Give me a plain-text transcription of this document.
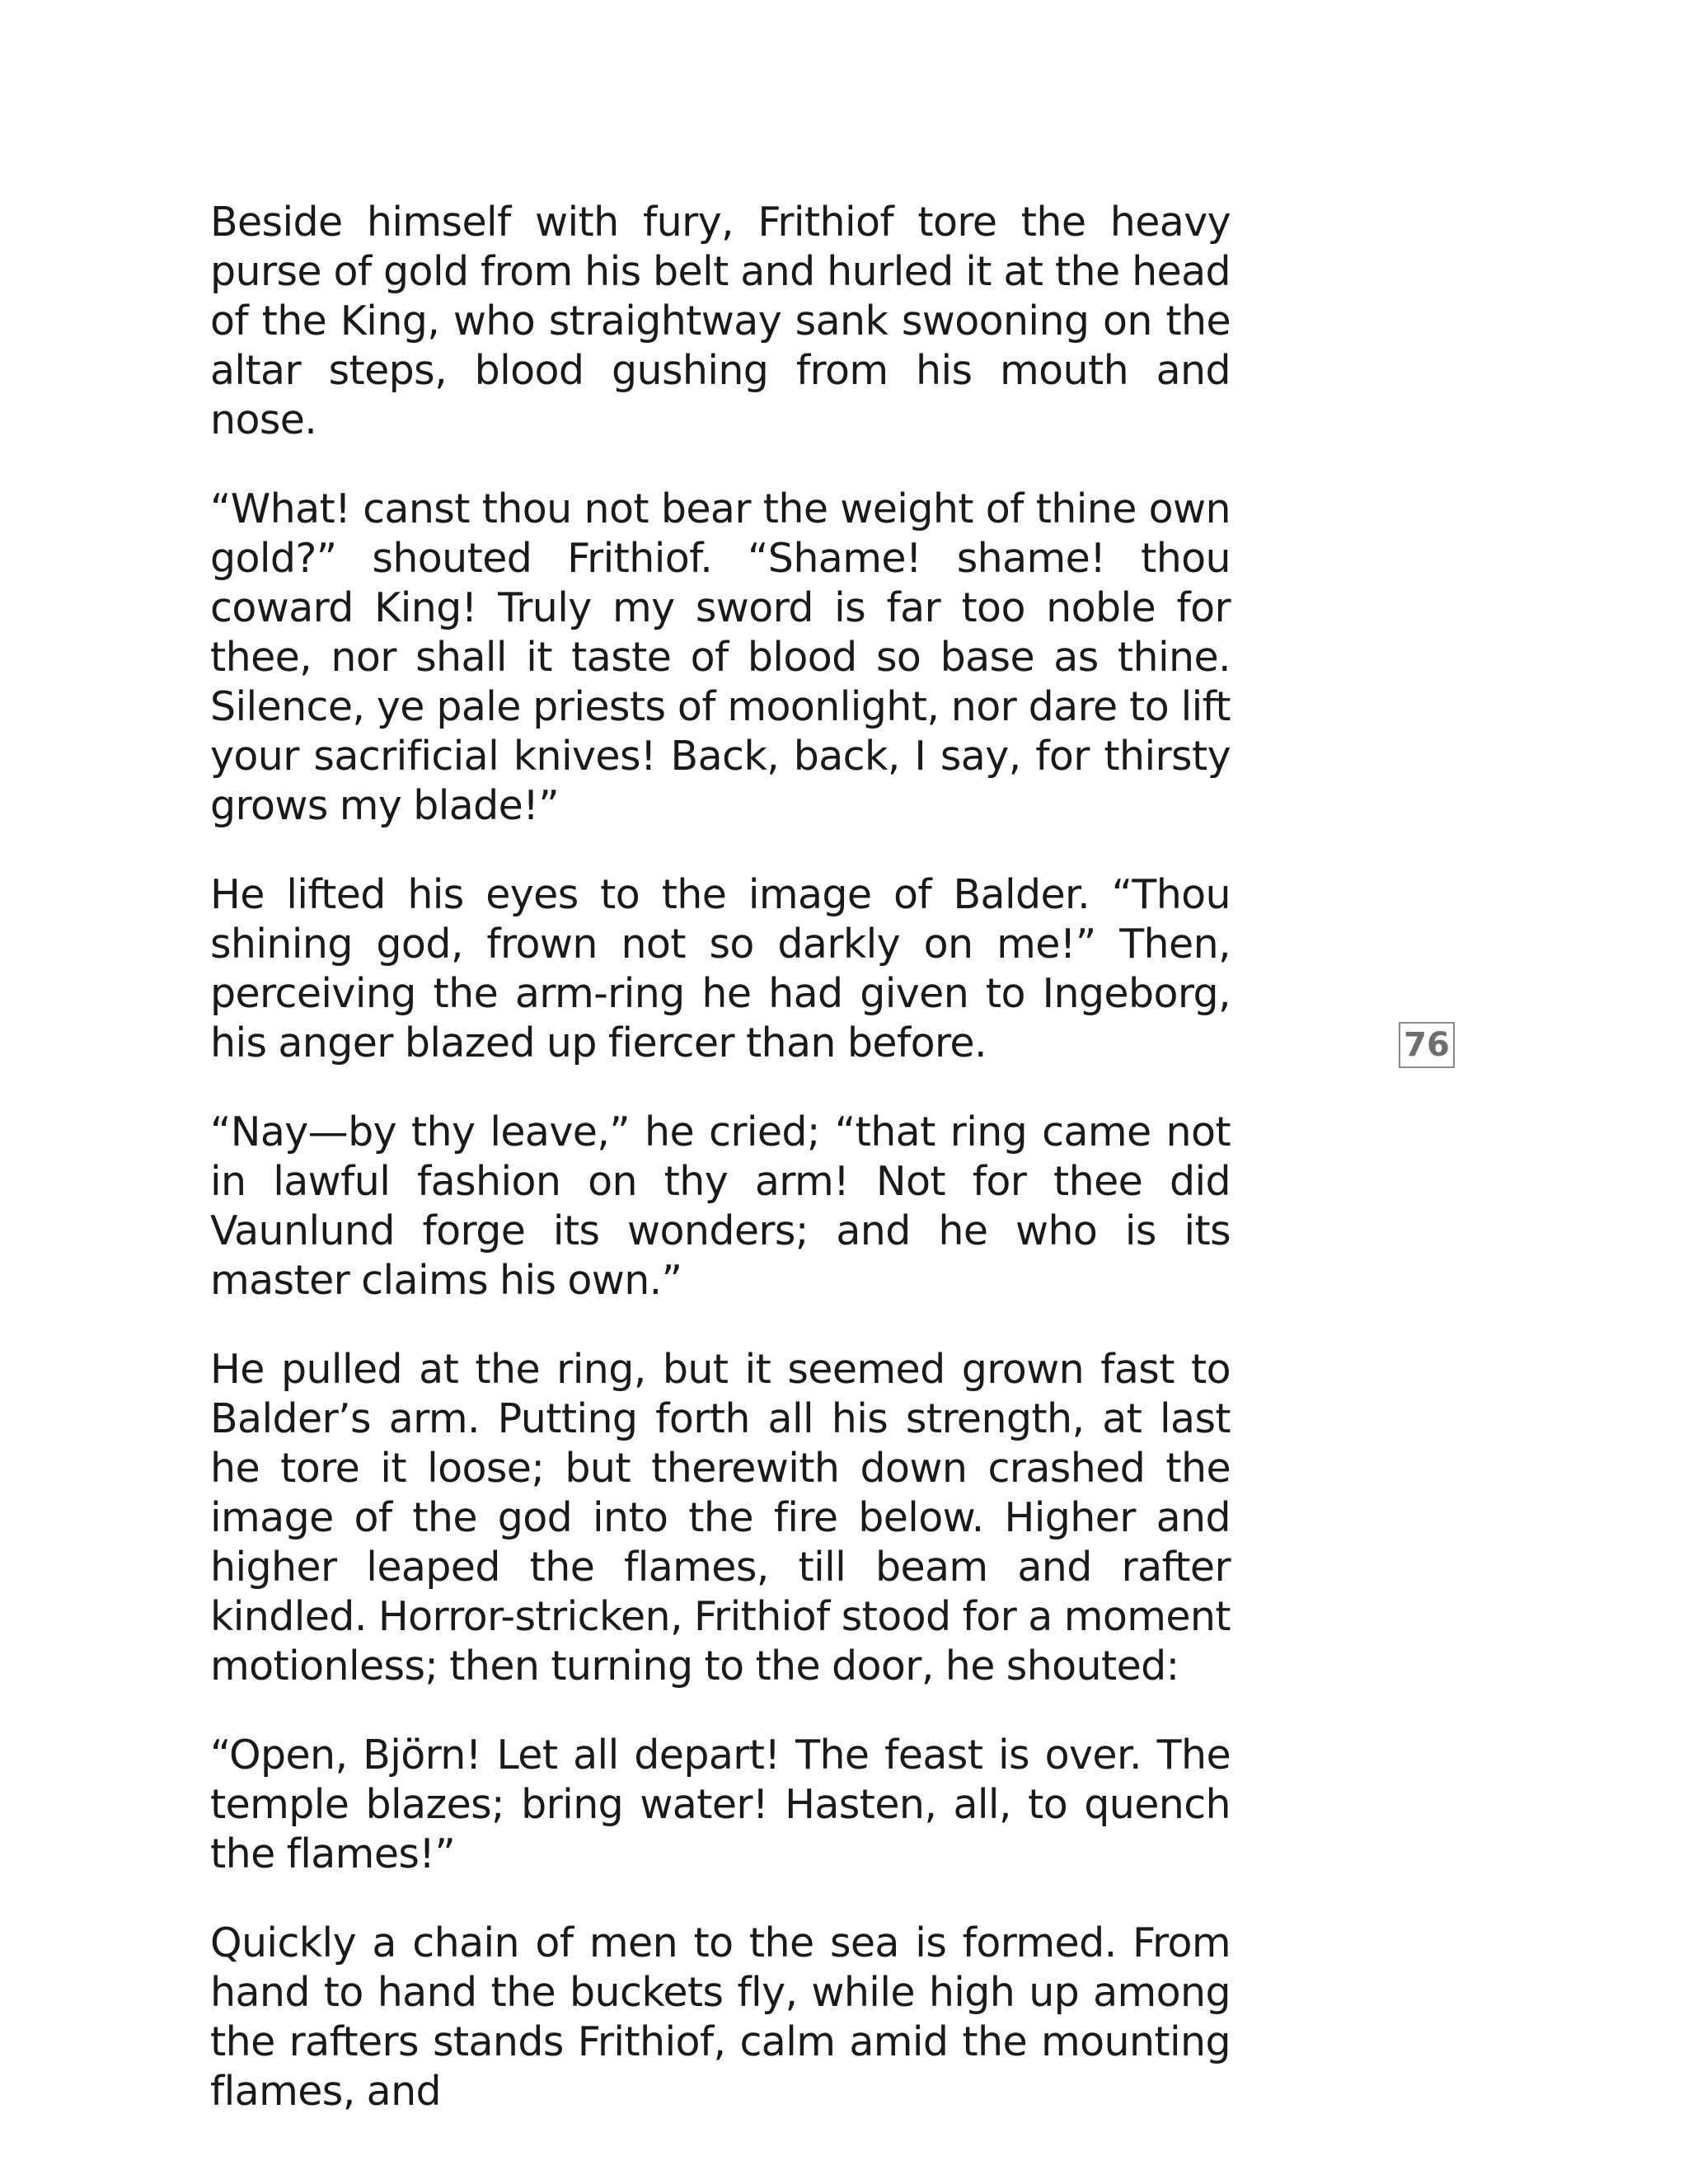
Beside himself with fury, Frithiof tore the heavy purse of gold from his belt and hurled it at the head of the King, who straightway sank swooning on the altar steps, blood gushing from his mouth and nose.

“What! canst thou not bear the weight of thine own gold?” shouted Frithiof. “Shame! shame! thou coward King! Truly my sword is far too noble for thee, nor shall it taste of blood so base as thine. Silence, ye pale priests of moonlight, nor dare to lift your sacrificial knives! Back, back, I say, for thirsty grows my blade!”

He lifted his eyes to the image of Balder. “Thou shining god, frown not so darkly on me!” Then, perceiving the arm-ring he had given to Ingeborg, his anger blazed up fiercer than before.

“Nay—by thy leave,” he cried; “that ring came not in lawful fashion on thy arm! Not for thee did Vaunlund forge its wonders; and he who is its master claims his own.”

He pulled at the ring, but it seemed grown fast to Balder’s arm. Putting forth all his strength, at last he tore it loose; but therewith down crashed the image of the god into the fire below. Higher and higher leaped the flames, till beam and rafter kindled. Horror-stricken, Frithiof stood for a moment motionless; then turning to the door, he shouted:

“Open, Björn! Let all depart! The feast is over. The temple blazes; bring water! Hasten, all, to quench the flames!”

Quickly a chain of men to the sea is formed. From hand to hand the buckets fly, while high up among the rafters stands Frithiof, calm amid the mounting flames, and

76
